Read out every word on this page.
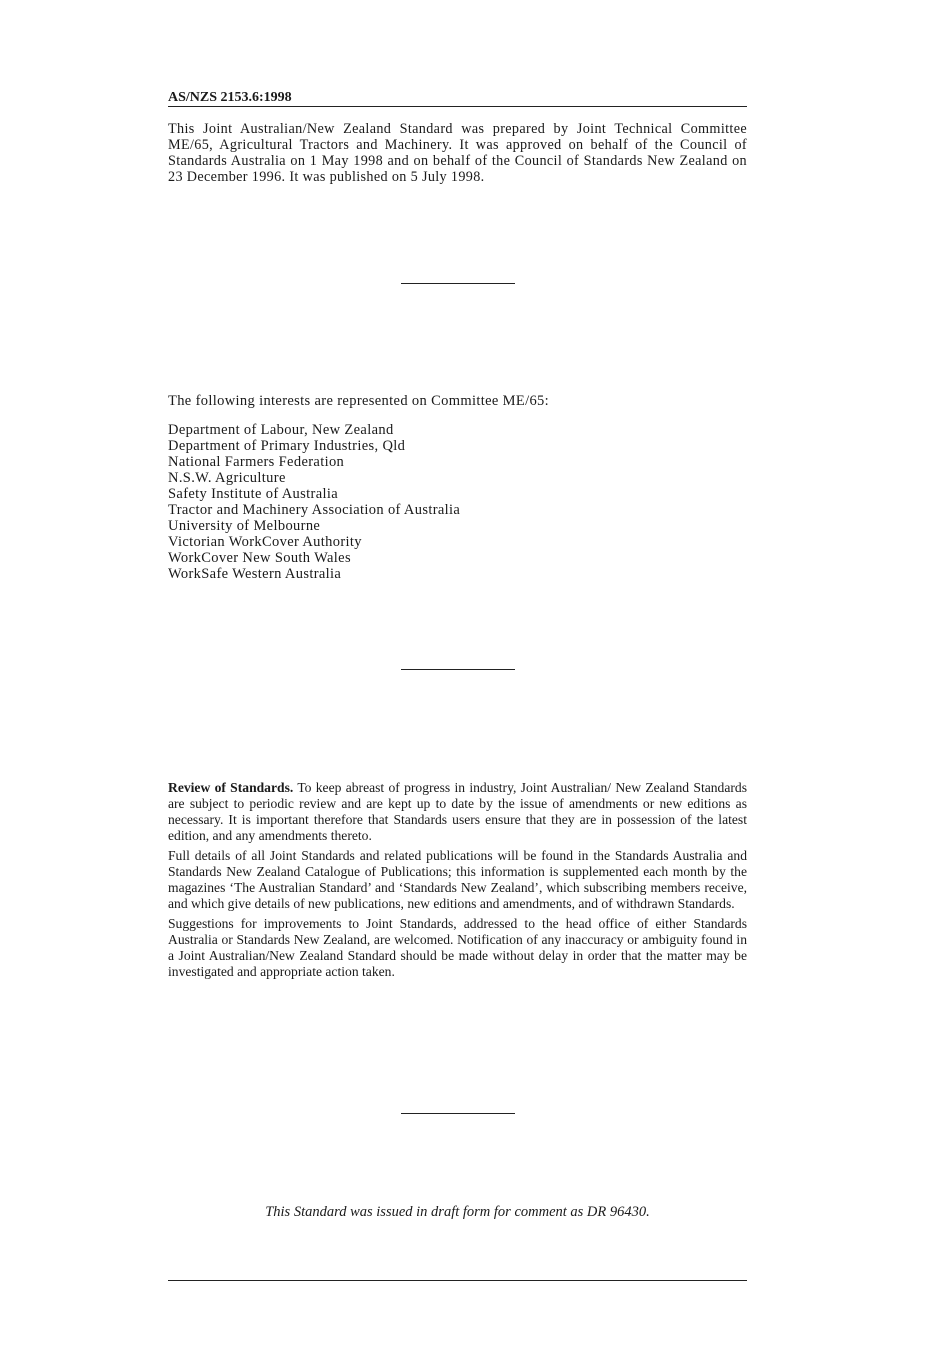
AS/NZS 2153.6:1998
This Joint Australian/New Zealand Standard was prepared by Joint Technical Committee ME/65, Agricultural Tractors and Machinery. It was approved on behalf of the Council of Standards Australia on 1 May 1998 and on behalf of the Council of Standards New Zealand on 23 December 1996. It was published on 5 July 1998.
The following interests are represented on Committee ME/65:
Department of Labour, New Zealand
Department of Primary Industries, Qld
National Farmers Federation
N.S.W. Agriculture
Safety Institute of Australia
Tractor and Machinery Association of Australia
University of Melbourne
Victorian WorkCover Authority
WorkCover New South Wales
WorkSafe Western Australia

Review of Standards. To keep abreast of progress in industry, Joint Australian/ New Zealand Standards are subject to periodic review and are kept up to date by the issue of amendments or new editions as necessary. It is important therefore that Standards users ensure that they are in possession of the latest edition, and any amendments thereto.

Full details of all Joint Standards and related publications will be found in the Standards Australia and Standards New Zealand Catalogue of Publications; this information is supplemented each month by the magazines ‘The Australian Standard’ and ‘Standards New Zealand’, which subscribing members receive, and which give details of new publications, new editions and amendments, and of withdrawn Standards.

Suggestions for improvements to Joint Standards, addressed to the head office of either Standards Australia or Standards New Zealand, are welcomed. Notification of any inaccuracy or ambiguity found in a Joint Australian/New Zealand Standard should be made without delay in order that the matter may be investigated and appropriate action taken.

This Standard was issued in draft form for comment as DR 96430.
